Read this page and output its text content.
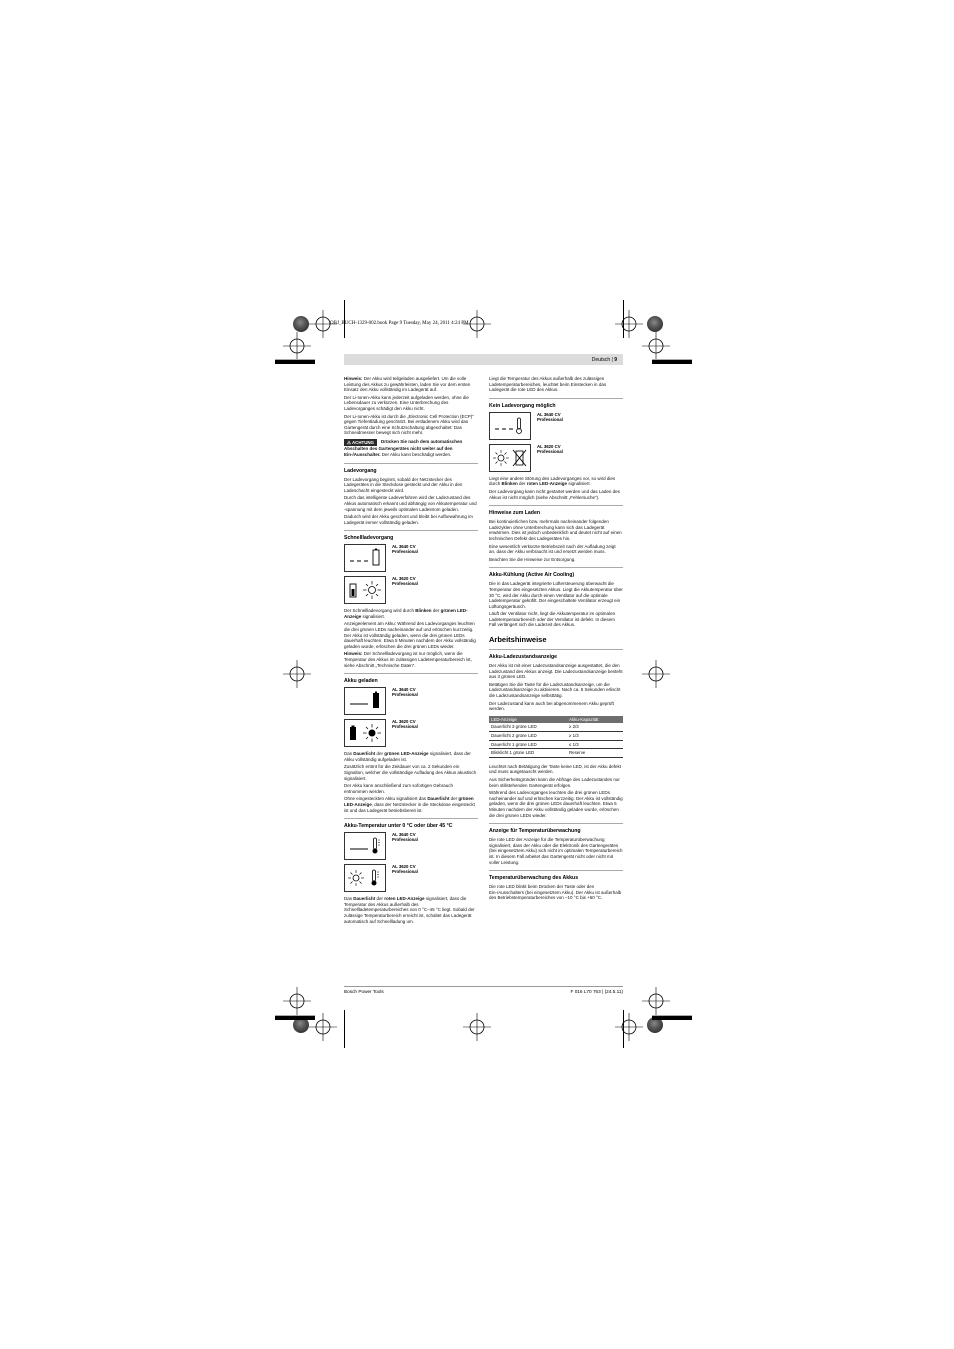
OBJ_BUCH-1329-002.book Page 9 Tuesday, May 24, 2011 4:24 PM
Deutsch | 9
Hinweis: Der Akku wird teilgeladen ausgeliefert. Um die volle Leistung des Akkus zu gewährleisten, laden Sie vor dem ersten Einsatz den Akku vollständig im Ladegerät auf.
Der Li-Ionen-Akku kann jederzeit aufgeladen werden, ohne die Lebensdauer zu verkürzen. Eine Unterbrechung des Ladevorganges schädigt den Akku nicht.
Der Li-Ionen-Akku ist durch die „Electronic Cell Protection (ECP)“ gegen Tiefentladung geschützt. Bei entladenem Akku wird das Gartengerät durch eine Schutzschaltung abgeschaltet: Das Schneidmesser bewegt sich nicht mehr.
⚠ ACHTUNG Drücken Sie nach dem automatischen Abschalten des Gartengerätes nicht weiter auf den Ein-/Ausschalter. Der Akku kann beschädigt werden.
Ladevorgang
Der Ladevorgang beginnt, sobald der Netzstecker des Ladegerätes in die Steckdose gesteckt und der Akku in den Ladeschacht eingesteckt wird.
Durch das intelligente Ladeverfahren wird der Ladezustand des Akkus automatisch erkannt und abhängig von Akkutemperatur und -spannung mit dem jeweils optimalen Ladestrom geladen.
Dadurch wird der Akku geschont und bleibt bei Aufbewahrung im Ladegerät immer vollständig geladen.
Schnellladevorgang
AL 3640 CV
Professional
AL 3620 CV
Professional
Der Schnellladevorgang wird durch Blinken der grünen LED-Anzeige signalisiert.
Anzeigeelement am Akku: Während des Ladevorganges leuchten die drei grünen LEDs nacheinander auf und erlöschen kurzzeitig. Der Akku ist vollständig geladen, wenn die drei grünen LEDs dauerhaft leuchten. Etwa 5 Minuten nachdem der Akku vollständig geladen wurde, erlöschen die drei grünen LEDs wieder.
Hinweis: Der Schnellladevorgang ist nur möglich, wenn die Temperatur des Akkus im zulässigen Ladetemperaturbereich ist, siehe Abschnitt „Technische Daten“.
Akku geladen
AL 3640 CV
Professional
AL 3620 CV
Professional
Das Dauerlicht der grünen LED-Anzeige signalisiert, dass der Akku vollständig aufgeladen ist.
Zusätzlich ertönt für die Zeitdauer von ca. 2 Sekunden ein Signalton, welcher die vollständige Aufladung des Akkus akustisch signalisiert.
Der Akku kann anschließend zum sofortigen Gebrauch entnommen werden.
Ohne eingesteckten Akku signalisiert das Dauerlicht der grünen LED-Anzeige, dass der Netzstecker in die Steckdose eingesteckt ist und das Ladegerät betriebsbereit ist.
Akku-Temperatur unter 0 °C oder über 45 °C
AL 3640 CV
Professional
AL 3620 CV
Professional
Das Dauerlicht der roten LED-Anzeige signalisiert, dass die Temperatur des Akkus außerhalb des Schnellladetemperaturbereiches von 0 °C–45 °C liegt. Sobald der zulässige Temperaturbereich erreicht ist, schaltet das Ladegerät automatisch auf Schnellladung um.
Liegt die Temperatur des Akkus außerhalb des zulässigen Ladetemperaturbereiches, leuchtet beim Einstecken in das Ladegerät die rote LED des Akkus.
Kein Ladevorgang möglich
AL 3640 CV
Professional
AL 3620 CV
Professional
Liegt eine andere Störung des Ladevorganges vor, so wird dies durch Blinken der roten LED-Anzeige signalisiert.
Der Ladevorgang kann nicht gestartet werden und das Laden des Akkus ist nicht möglich (siehe Abschnitt „Fehlersuche“).
Hinweise zum Laden
Bei kontinuierlichen bzw. mehrmals nacheinander folgenden Ladezyklen ohne Unterbrechung kann sich das Ladegerät erwärmen. Dies ist jedoch unbedenklich und deutet nicht auf einen technischen Defekt des Ladegerätes hin.
Eine wesentlich verkürzte Betriebszeit nach der Aufladung zeigt an, dass der Akku verbraucht ist und ersetzt werden muss.
Beachten Sie die Hinweise zur Entsorgung.
Akku-Kühlung (Active Air Cooling)
Die in das Ladegerät integrierte Lüftersteuerung überwacht die Temperatur des eingesetzten Akkus. Liegt die Akkutemperatur über 30 °C, wird der Akku durch einen Ventilator auf die optimale Ladetemperatur gekühlt. Der eingeschaltete Ventilator erzeugt ein Lüftungsgeräusch.
Läuft der Ventilator nicht, liegt die Akkutemperatur im optimalen Ladetemperaturbereich oder der Ventilator ist defekt. In diesem Fall verlängert sich die Ladezeit des Akkus.
Arbeitshinweise
Akku-Ladezustandsanzeige
Der Akku ist mit einer Ladezustandsanzeige ausgestattet, die den Ladezustand des Akkus anzeigt. Die Ladezustandsanzeige besteht aus 3 grünen LED.
Betätigen Sie die Taste für die Ladezustandsanzeige, um die Ladezustandsanzeige zu aktivieren. Nach ca. 5 Sekunden erlischt die Ladezustandsanzeige selbsttätig.
Der Ladezustand kann auch bei abgenommenem Akku geprüft werden.
LED-Anzeige	Akku-Kapazität
Dauerlicht 3 grüne LED	≥ 2/3
Dauerlicht 2 grüne LED	≥ 1/3
Dauerlicht 1 grüne LED	≤ 1/3
Blinklicht 1 grüne LED	Reserve
Leuchtet nach Betätigung der Taste keine LED, ist der Akku defekt und muss ausgetauscht werden.
Aus Sicherheitsgründen kann die Abfrage des Ladezustandes nur beim stillstehenden Gartengerät erfolgen.
Während des Ladevorganges leuchten die drei grünen LEDs nacheinander auf und erlöschen kurzzeitig. Der Akku ist vollständig geladen, wenn die drei grünen LEDs dauerhaft leuchten. Etwa 5 Minuten nachdem der Akku vollständig geladen wurde, erlöschen die drei grünen LEDs wieder.
Anzeige für Temperaturüberwachung
Die rote LED der Anzeige für die Temperaturüberwachung signalisiert, dass der Akku oder die Elektronik des Gartengerätes (bei eingesetztem Akku) sich nicht im optimalen Temperaturbereich ist. In diesem Fall arbeitet das Gartengerät nicht oder nicht mit voller Leistung.
Temperaturüberwachung des Akkus
Die rote LED blinkt beim Drücken der Taste oder des Ein-/Ausschalters (bei eingesetztem Akku). Der Akku ist außerhalb des Betriebstemperaturbereiches von –10 °C bis +60 °C.
Bosch Power Tools	F 016 L70 763 | (24.5.11)
